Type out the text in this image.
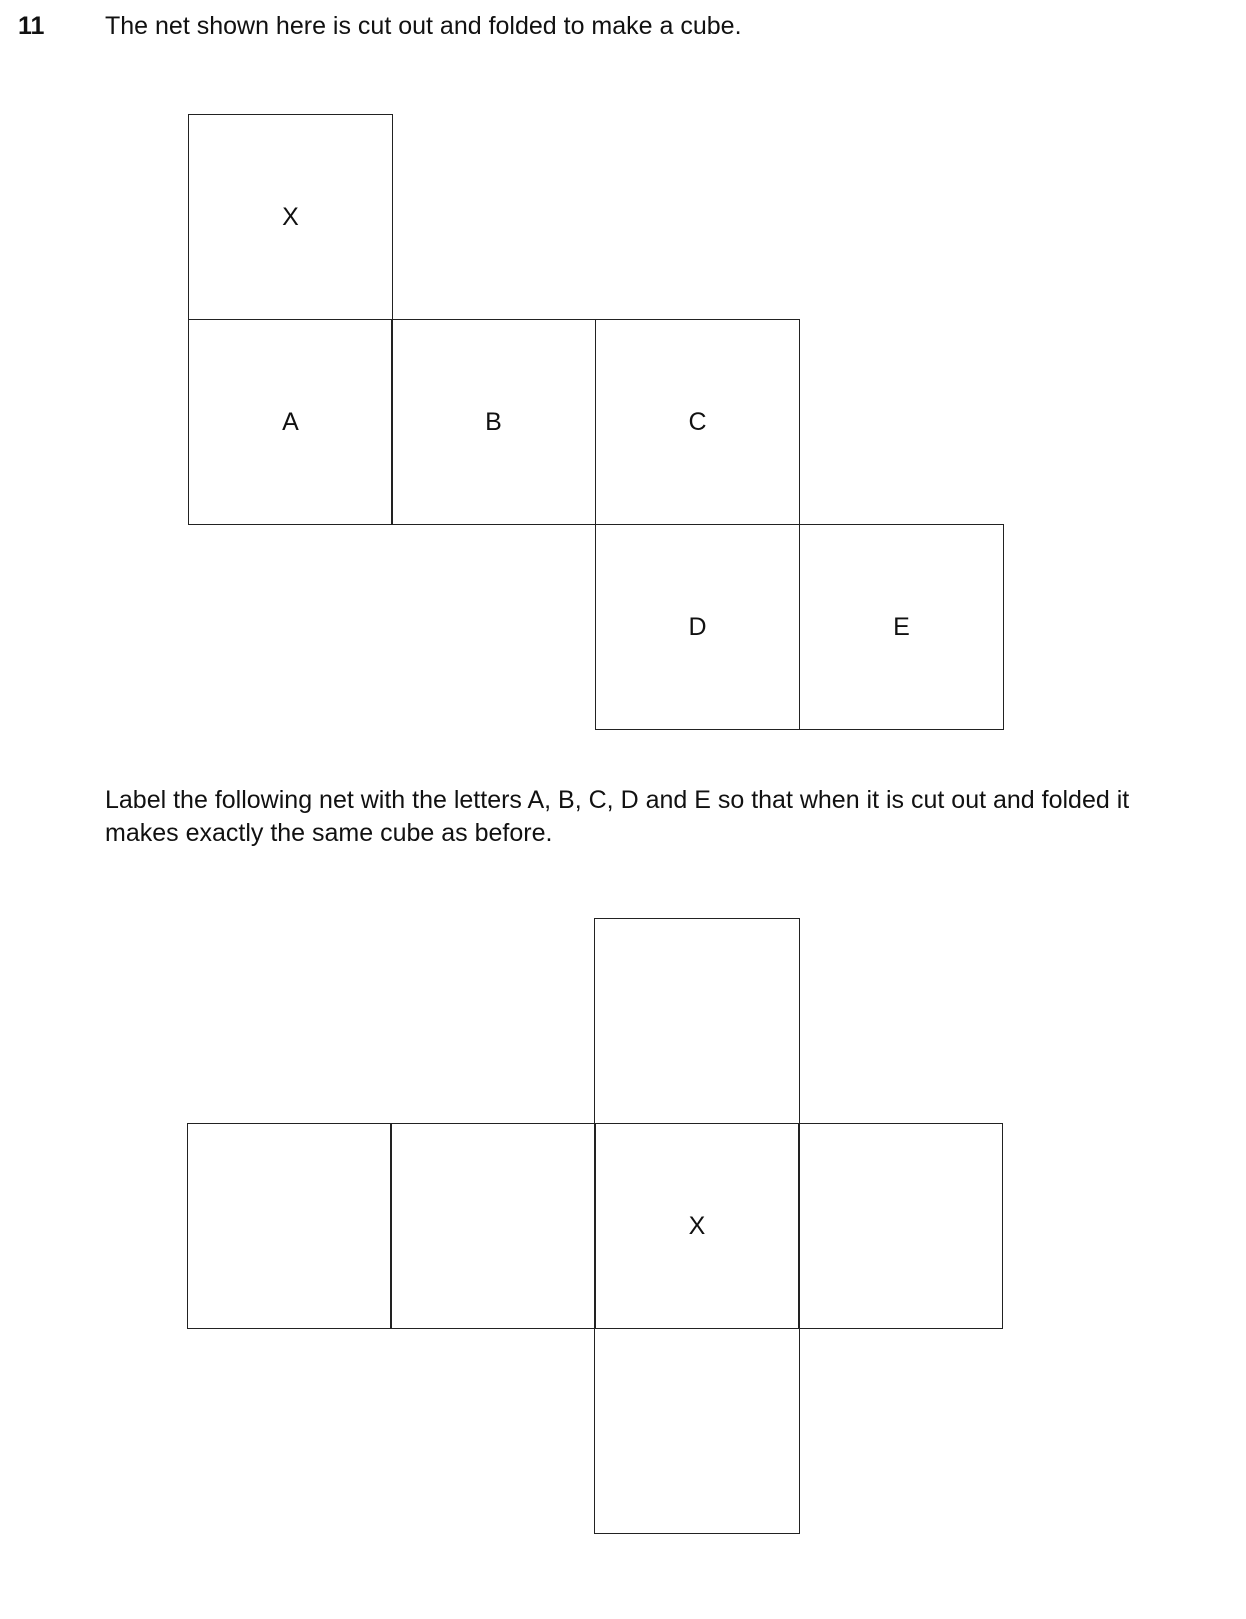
11 The net shown here is cut out and folded to make a cube.
X
A	B	C
D	E
Label the following net with the letters A, B, C, D and E so that when it is cut out and folded it makes exactly the same cube as before.
X
